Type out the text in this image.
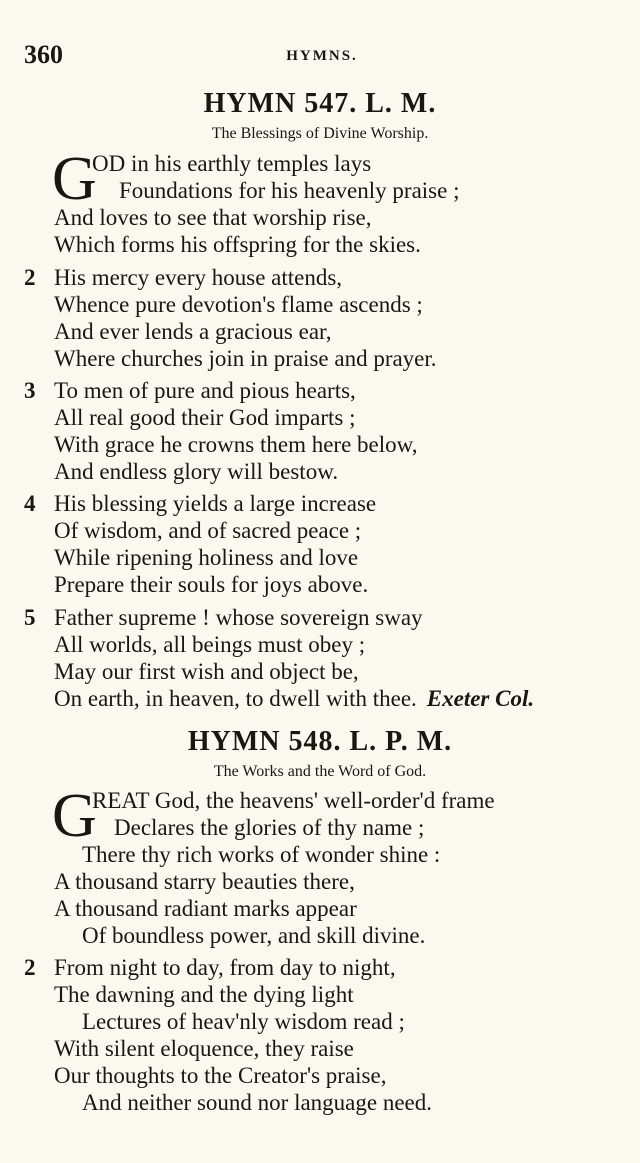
360	HYMNS.
HYMN 547. L. M.
The Blessings of Divine Worship.
G
OD in his earthly temples lays
Foundations for his heavenly praise ;
And loves to see that worship rise,
Which forms his offspring for the skies.
2 His mercy every house attends,
Whence pure devotion's flame ascends ;
And ever lends a gracious ear,
Where churches join in praise and prayer.
3 To men of pure and pious hearts,
All real good their God imparts ;
With grace he crowns them here below,
And endless glory will bestow.
4 His blessing yields a large increase
Of wisdom, and of sacred peace ;
While ripening holiness and love
Prepare their souls for joys above.
5 Father supreme ! whose sovereign sway
All worlds, all beings must obey ;
May our first wish and object be,
On earth, in heaven, to dwell with thee. Exeter Col.
HYMN 548. L. P. M.
The Works and the Word of God.
G
REAT God, the heavens' well-order'd frame
Declares the glories of thy name ;
There thy rich works of wonder shine :
A thousand starry beauties there,
A thousand radiant marks appear
Of boundless power, and skill divine.
2 From night to day, from day to night,
The dawning and the dying light
Lectures of heav'nly wisdom read ;
With silent eloquence, they raise
Our thoughts to the Creator's praise,
And neither sound nor language need.
